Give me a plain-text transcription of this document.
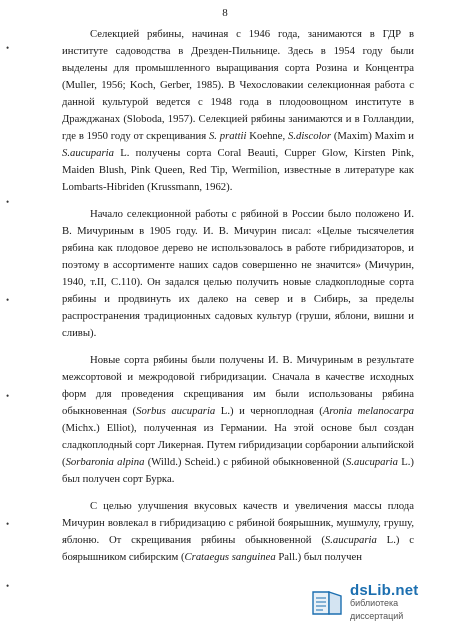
8
•
•
•
•
•
•

Селекцией рябины, начиная с 1946 года, занимаются в ГДР в институте садоводства в Дрезден-Пильнице. Здесь в 1954 году были выделены для промышленного выращивания сорта Розина и Концентра (Muller, 1956; Koch, Gerber, 1985). В Чехословакии селекционная работа с данной культурой ведется с 1948 года в плодоовощном институте в Дражджанах (Sloboda, 1957). Селекцией рябины занимаются и в Голландии, где в 1950 году от скрещивания S. prattii Koehne, S.discolor (Maxim) Maxim и S.aucuparia L. получены сорта Coral Beauti, Cupper Glow, Kirsten Pink, Maiden Blush, Pink Queen, Red Tip, Wermilion, известные в литературе как Lombarts-Hibriden (Krussmann, 1962).

Начало селекционной работы с рябиной в России было положено И. В. Мичуриным в 1905 году. И. В. Мичурин писал: «Целые тысячелетия рябина как плодовое дерево не использовалось в работе гибридизаторов, и поэтому в ассортименте наших садов совершенно не значится» (Мичурин, 1940, т.II, С.110). Он задался целью получить новые сладкоплодные сорта рябины и продвинуть их далеко на север и в Сибирь, за пределы распространения традиционных садовых культур (груши, яблони, вишни и сливы).

Новые сорта рябины были получены И. В. Мичуриным в результате межсортовой и межродовой гибридизации. Сначала в качестве исходных форм для проведения скрещивания им были использованы рябина обыкновенная (Sorbus aucuparia L.) и черноплодная (Aronia melanocarpa (Michx.) Elliot), полученная из Германии. На этой основе был создан сладкоплодный сорт Ликерная. Путем гибридизации сорбаронии альпийской (Sorbaronia alpina (Willd.) Scheid.) с рябиной обыкновенной (S.aucuparia L.) был получен сорт Бурка.

С целью улучшения вкусовых качеств и увеличения массы плода Мичурин вовлекал в гибридизацию с рябиной боярышник, мушмулу, грушу, яблоню. От скрещивания рябины обыкновенной (S.aucuparia L.) с боярышником сибирским (Crataegus sanguinea Pall.) был получен

dsLib.net
библиотека диссертаций
